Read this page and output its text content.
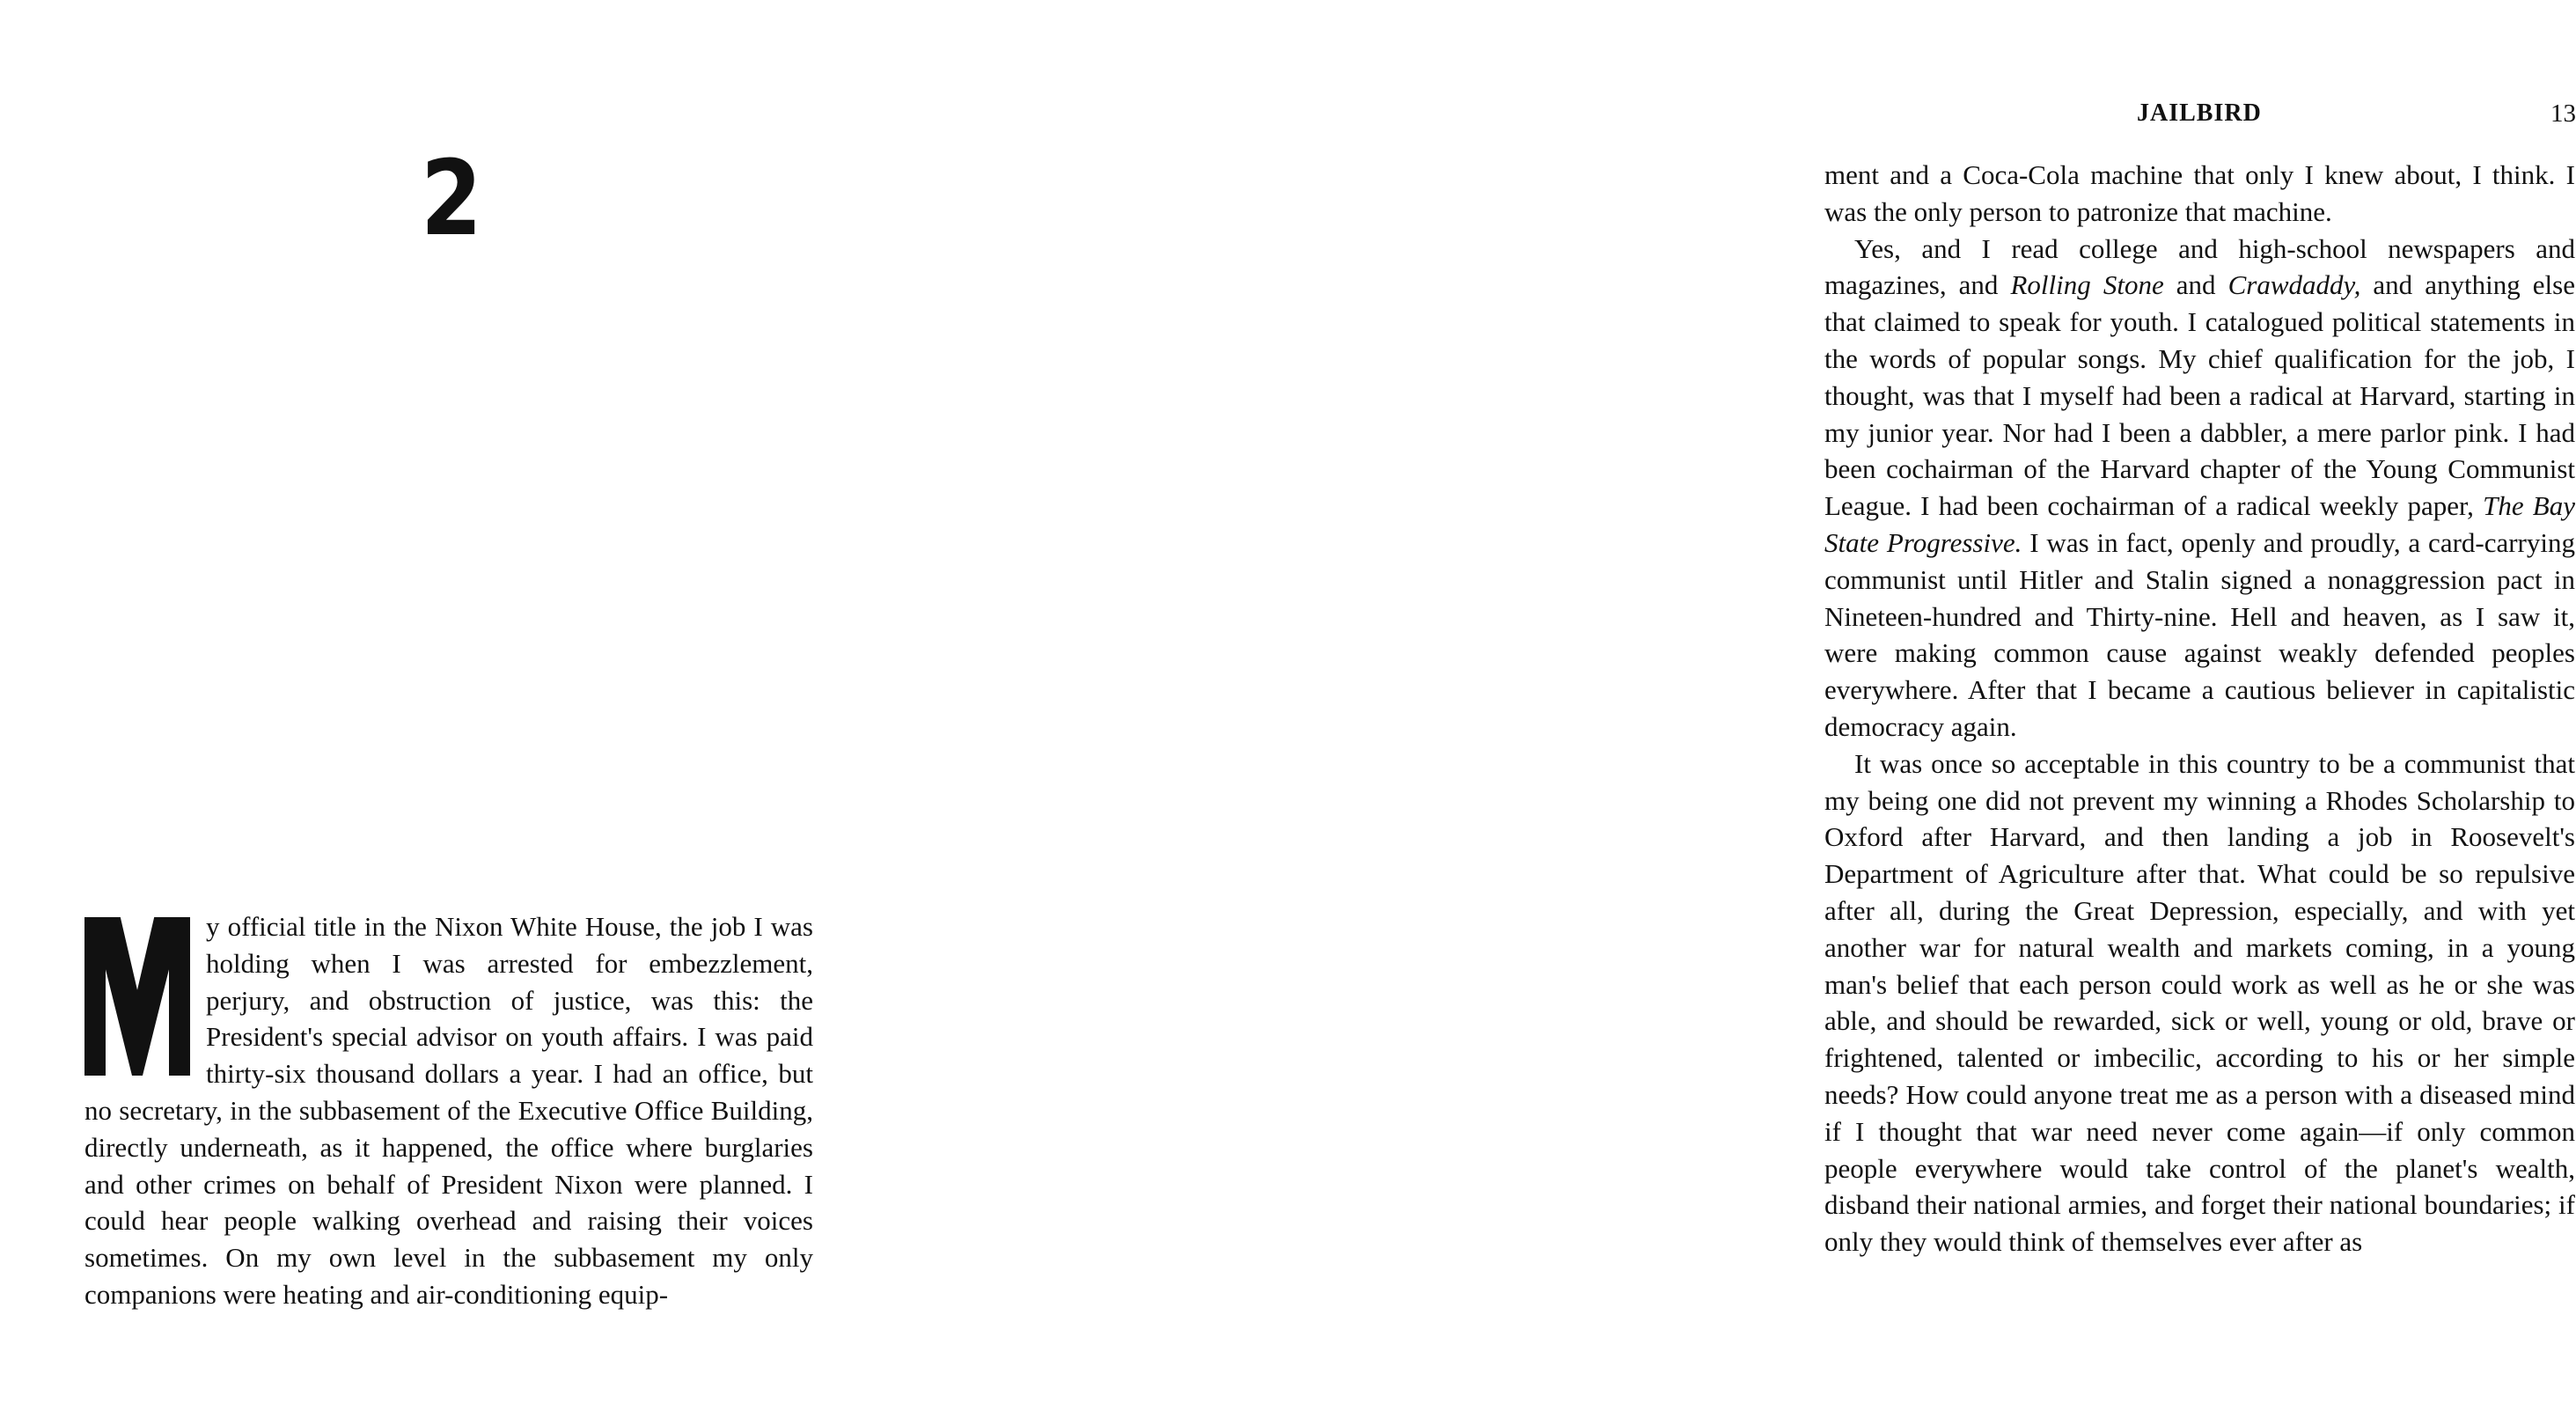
2

y official title in the Nixon White House, the job I was holding when I was arrested for embezzlement, perjury, and obstruction of justice, was this: the President's special advisor on youth affairs. I was paid thirty-six thousand dollars a year. I had an office, but no secretary, in the subbasement of the Executive Office Building, directly underneath, as it happened, the office where burglaries and other crimes on behalf of President Nixon were planned. I could hear people walking overhead and raising their voices sometimes. On my own level in the subbasement my only companions were heating and air-conditioning equip-

JAILBIRD	13

ment and a Coca-Cola machine that only I knew about, I think. I was the only person to patronize that machine.

Yes, and I read college and high-school newspapers and magazines, and Rolling Stone and Crawdaddy, and anything else that claimed to speak for youth. I catalogued political statements in the words of popular songs. My chief qualification for the job, I thought, was that I myself had been a radical at Harvard, starting in my junior year. Nor had I been a dabbler, a mere parlor pink. I had been cochairman of the Harvard chapter of the Young Communist League. I had been cochairman of a radical weekly paper, The Bay State Progressive. I was in fact, openly and proudly, a card-carrying communist until Hitler and Stalin signed a nonaggression pact in Nineteen-hundred and Thirty-nine. Hell and heaven, as I saw it, were making common cause against weakly defended peoples everywhere. After that I became a cautious believer in capitalistic democracy again.

It was once so acceptable in this country to be a communist that my being one did not prevent my winning a Rhodes Scholarship to Oxford after Harvard, and then landing a job in Roosevelt's Department of Agriculture after that. What could be so repulsive after all, during the Great Depression, especially, and with yet another war for natural wealth and markets coming, in a young man's belief that each person could work as well as he or she was able, and should be rewarded, sick or well, young or old, brave or frightened, talented or imbecilic, according to his or her simple needs? How could anyone treat me as a person with a diseased mind if I thought that war need never come again—if only common people everywhere would take control of the planet's wealth, disband their national armies, and forget their national boundaries; if only they would think of themselves ever after as
